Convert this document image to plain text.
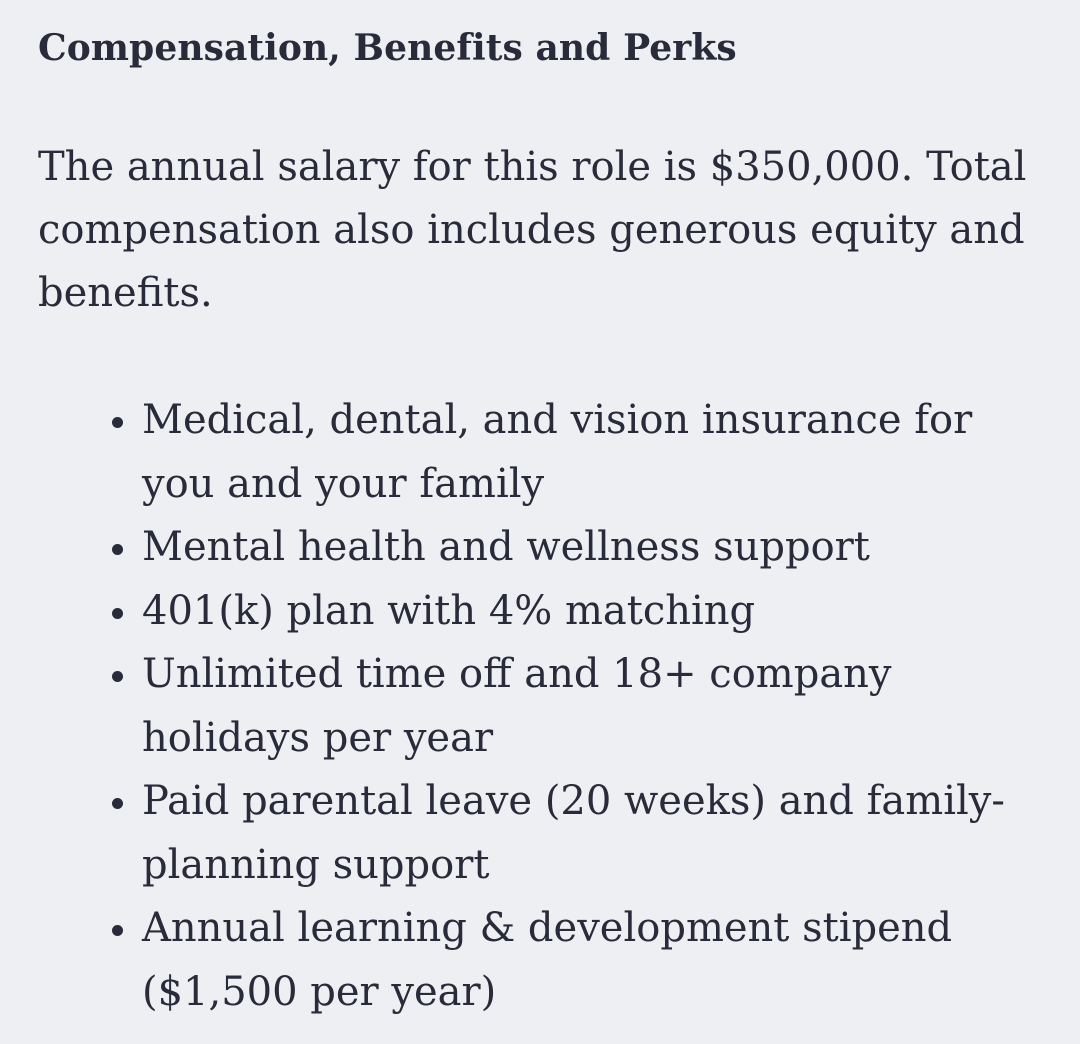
Compensation, Benefits and Perks

The annual salary for this role is $350,000. Total compensation also includes generous equity and benefits.

Medical, dental, and vision insurance for you and your family
Mental health and wellness support
401(k) plan with 4% matching
Unlimited time off and 18+ company holidays per year
Paid parental leave (20 weeks) and family-planning support
Annual learning & development stipend ($1,500 per year)
